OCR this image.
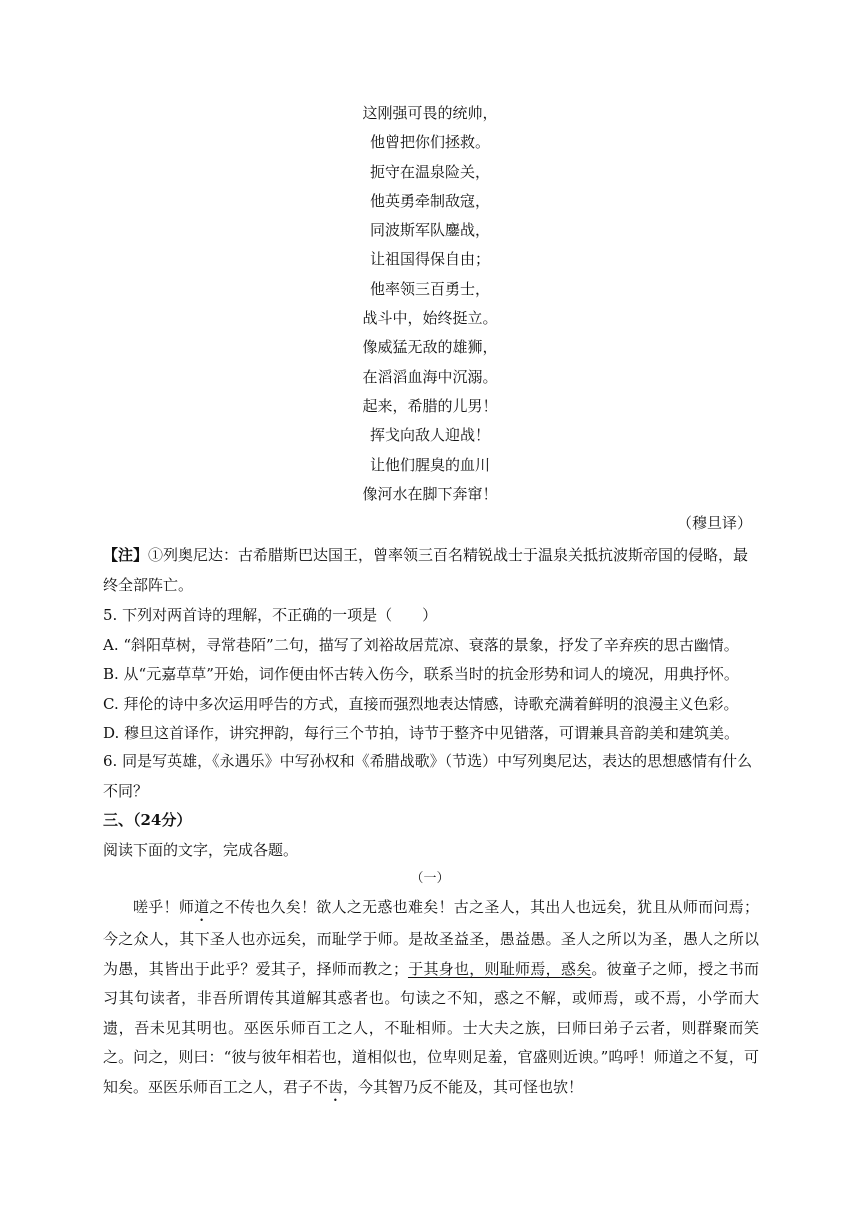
这刚强可畏的统帅，
他曾把你们拯救。
扼守在温泉险关，
他英勇牵制敌寇，
同波斯军队鏖战，
让祖国得保自由；
他率领三百勇士，
战斗中，始终挺立。
像威猛无敌的雄狮，
在滔滔血海中沉溺。
起来，希腊的儿男！
挥戈向敌人迎战！
让他们腥臭的血川
像河水在脚下奔窜！
（穆旦译）
【注】①列奥尼达：古希腊斯巴达国王，曾率领三百名精锐战士于温泉关抵抗波斯帝国的侵略，最终全部阵亡。
5. 下列对两首诗的理解，不正确的一项是（　　）
A. “斜阳草树，寻常巷陌”二句，描写了刘裕故居荒凉、衰落的景象，抒发了辛弃疾的思古幽情。
B. 从“元嘉草草”开始，词作便由怀古转入伤今，联系当时的抗金形势和词人的境况，用典抒怀。
C. 拜伦的诗中多次运用呼告的方式，直接而强烈地表达情感，诗歌充满着鲜明的浪漫主义色彩。
D. 穆旦这首译作，讲究押韵，每行三个节拍，诗节于整齐中见错落，可谓兼具音韵美和建筑美。
6. 同是写英雄，《永遇乐》中写孙权和《希腊战歌》（节选）中写列奥尼达，表达的思想感情有什么不同？
三、（24分）
阅读下面的文字，完成各题。
（一）
嗟乎！师道之不传也久矣！欲人之无惑也难矣！古之圣人，其出人也远矣，犹且从师而问焉；今之众人，其下圣人也亦远矣，而耻学于师。是故圣益圣，愚益愚。圣人之所以为圣，愚人之所以为愚，其皆出于此乎？爱其子，择师而教之；于其身也，则耻师焉，惑矣。彼童子之师，授之书而习其句读者，非吾所谓传其道解其惑者也。句读之不知，惑之不解，或师焉，或不焉，小学而大遗，吾未见其明也。巫医乐师百工之人，不耻相师。士大夫之族，曰师曰弟子云者，则群聚而笑之。问之，则曰：“彼与彼年相若也，道相似也，位卑则足羞，官盛则近谀。”呜呼！师道之不复，可知矣。巫医乐师百工之人，君子不齿，今其智乃反不能及，其可怪也欤！
